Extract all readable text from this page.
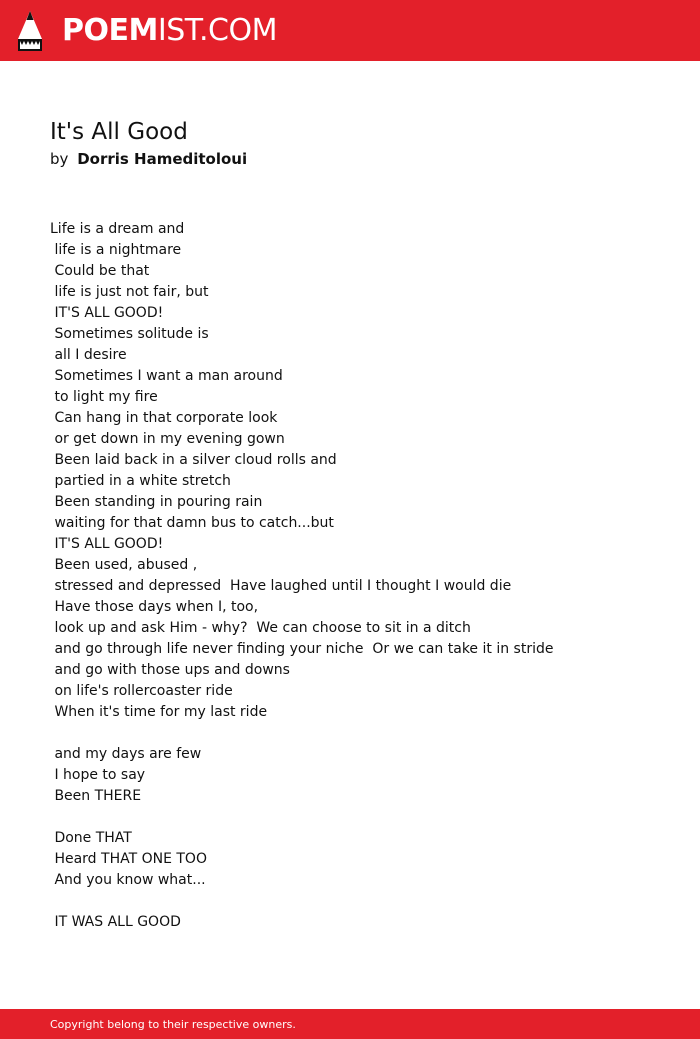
POEMIST.COM
It's All Good
by Dorris Hameditoloui
Life is a dream and
life is a nightmare
Could be that
life is just not fair, but
IT'S ALL GOOD!
Sometimes solitude is
all I desire
Sometimes I want a man around
to light my fire
Can hang in that corporate look
or get down in my evening gown
Been laid back in a silver cloud rolls and
partied in a white stretch
Been standing in pouring rain
waiting for that damn bus to catch...but
IT'S ALL GOOD!
Been used, abused ,
stressed and depressed  Have laughed until I thought I would die
Have those days when I, too,
look up and ask Him - why?  We can choose to sit in a ditch
and go through life never finding your niche  Or we can take it in stride
and go with those ups and downs
on life's rollercoaster ride
When it's time for my last ride

and my days are few
I hope to say
Been THERE

Done THAT
Heard THAT ONE TOO
And you know what...

IT WAS ALL GOOD
Copyright belong to their respective owners.
